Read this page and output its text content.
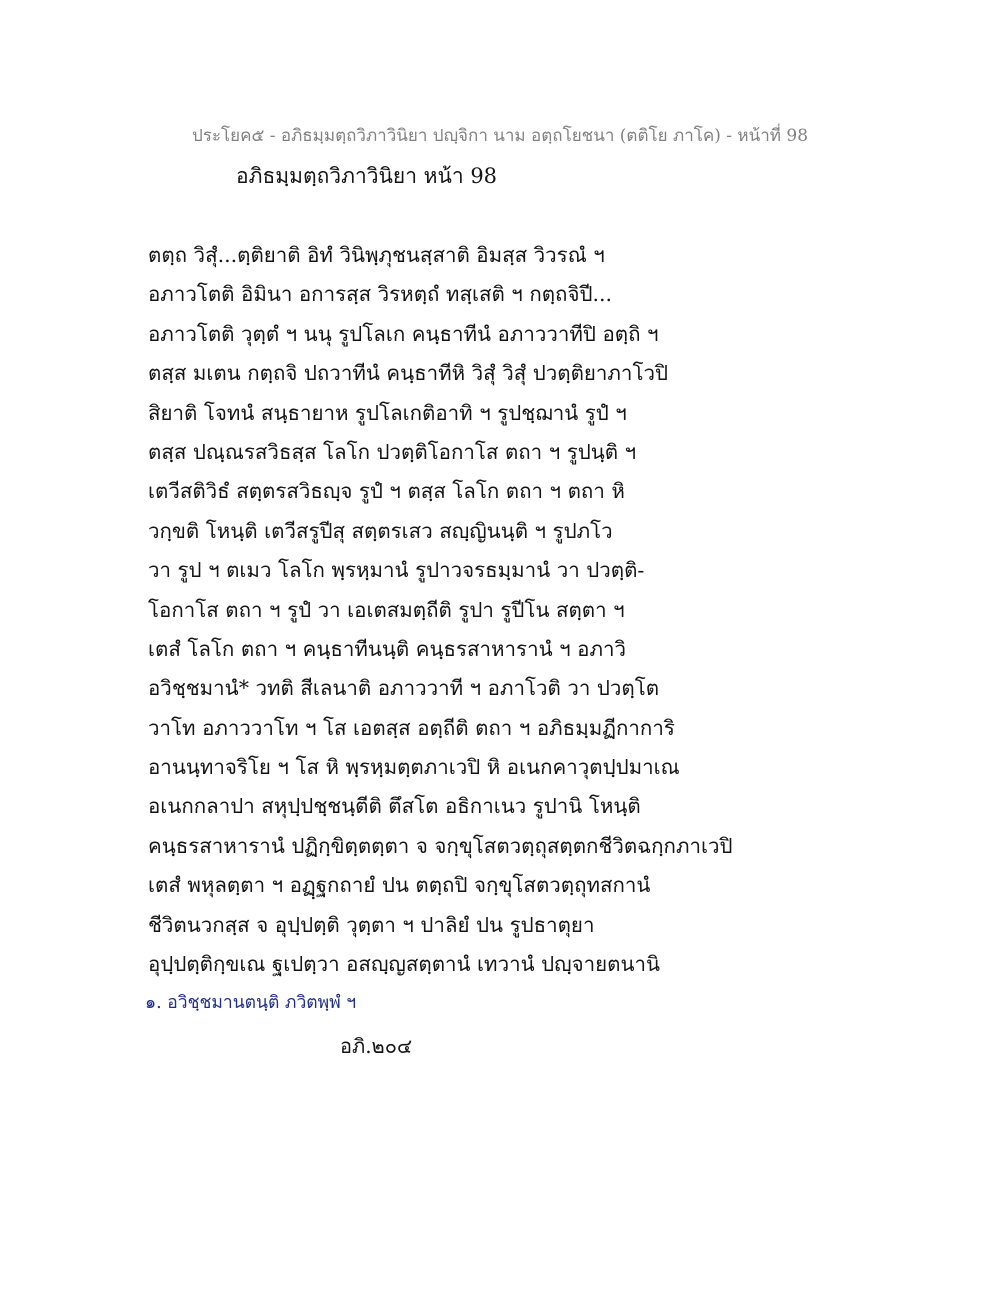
ประโยค๕ - อภิธมฺมตฺถวิภาวินิยา ปญฺจิกา นาม อตฺถโยชนา (ตติโย ภาโค) - หน้าที่ 98
อภิธมฺมตฺถวิภาวินิยา หน้า 98
ตตฺถ วิสุํ...ตฺติยาติ อิทํ วินิพฺภุชนสฺสาติ อิมสฺส วิวรณํ ฯ
อภาวโตติ อิมินา อการสฺส วิรหตฺถํ ทสฺเสติ ฯ กตฺถจิปี...
อภาวโตติ วุตฺตํ ฯ นนุ รูปโลเก คนฺธาทีนํ อภาววาทีปิ อตฺถิ ฯ
ตสฺส มเตน กตฺถจิ ปถวาทีนํ คนฺธาทีหิ วิสุํ วิสุํ ปวตฺติยาภาโวปิ
สิยาติ โจทนํ สนฺธายาห รูปโลเกติอาทิ ฯ รูปชฺฌานํ รูปํ ฯ
ตสฺส ปณฺณรสวิธสฺส โลโก ปวตฺติโอกาโส ตถา ฯ รูปนฺติ ฯ
เตวีสติวิธํ สตฺตรสวิธญฺจ รูปํ ฯ ตสฺส โลโก ตถา ฯ ตถา หิ
วกฺขติ โหนฺติ เตวีสรูปีสุ สตฺตรเสว สญฺญินนฺติ ฯ รูปภโว
วา รูป ฯ ตเมว โลโก พฺรหฺมานํ รูปาวจรธมฺมานํ วา ปวตฺติ-
โอกาโส ตถา ฯ รูปํ วา เอเตสมตฺถีติ รูปา รูปีโน สตฺตา ฯ
เตสํ โลโก ตถา ฯ คนฺธาทีนนฺติ คนฺธรสาหารานํ ฯ อภาวิ
อวิชฺชมานํ* วทติ สีเลนาติ อภาววาที ฯ อภาโวติ วา ปวตฺโต
วาโท อภาววาโท ฯ โส เอตสฺส อตฺถีติ ตถา ฯ อภิธมฺมฏีกาการิ
อานนฺทาจริโย ฯ โส หิ พฺรหฺมตฺตภาเวปิ หิ อเนกคาวุตปฺปมาเณ
อเนกกลาปา สหุปฺปชฺชนฺตีติ ตึสโต อธิกาเนว รูปานิ โหนฺติ
คนฺธรสาหารานํ ปฏิกฺขิตฺตตฺตา จ จกฺขุโสตวตฺถุสตฺตกชีวิตฉกฺกภาเวปิ
เตสํ พหุลตฺตา ฯ อฏฺฐกถายํ ปน ตตฺถปิ จกฺขุโสตวตฺถุทสกานํ
ชีวิตนวกสฺส จ อุปฺปตฺติ วุตฺตา ฯ ปาลิยํ ปน รูปธาตุยา
อุปฺปตฺติกฺขเณ ฐเปตฺวา อสญฺญสตฺตานํ เทวานํ ปญฺจายตนานิ
๑. อวิชฺชมานตนฺติ ภวิตพฺพํ ฯ
อภิ.๒๐๔
